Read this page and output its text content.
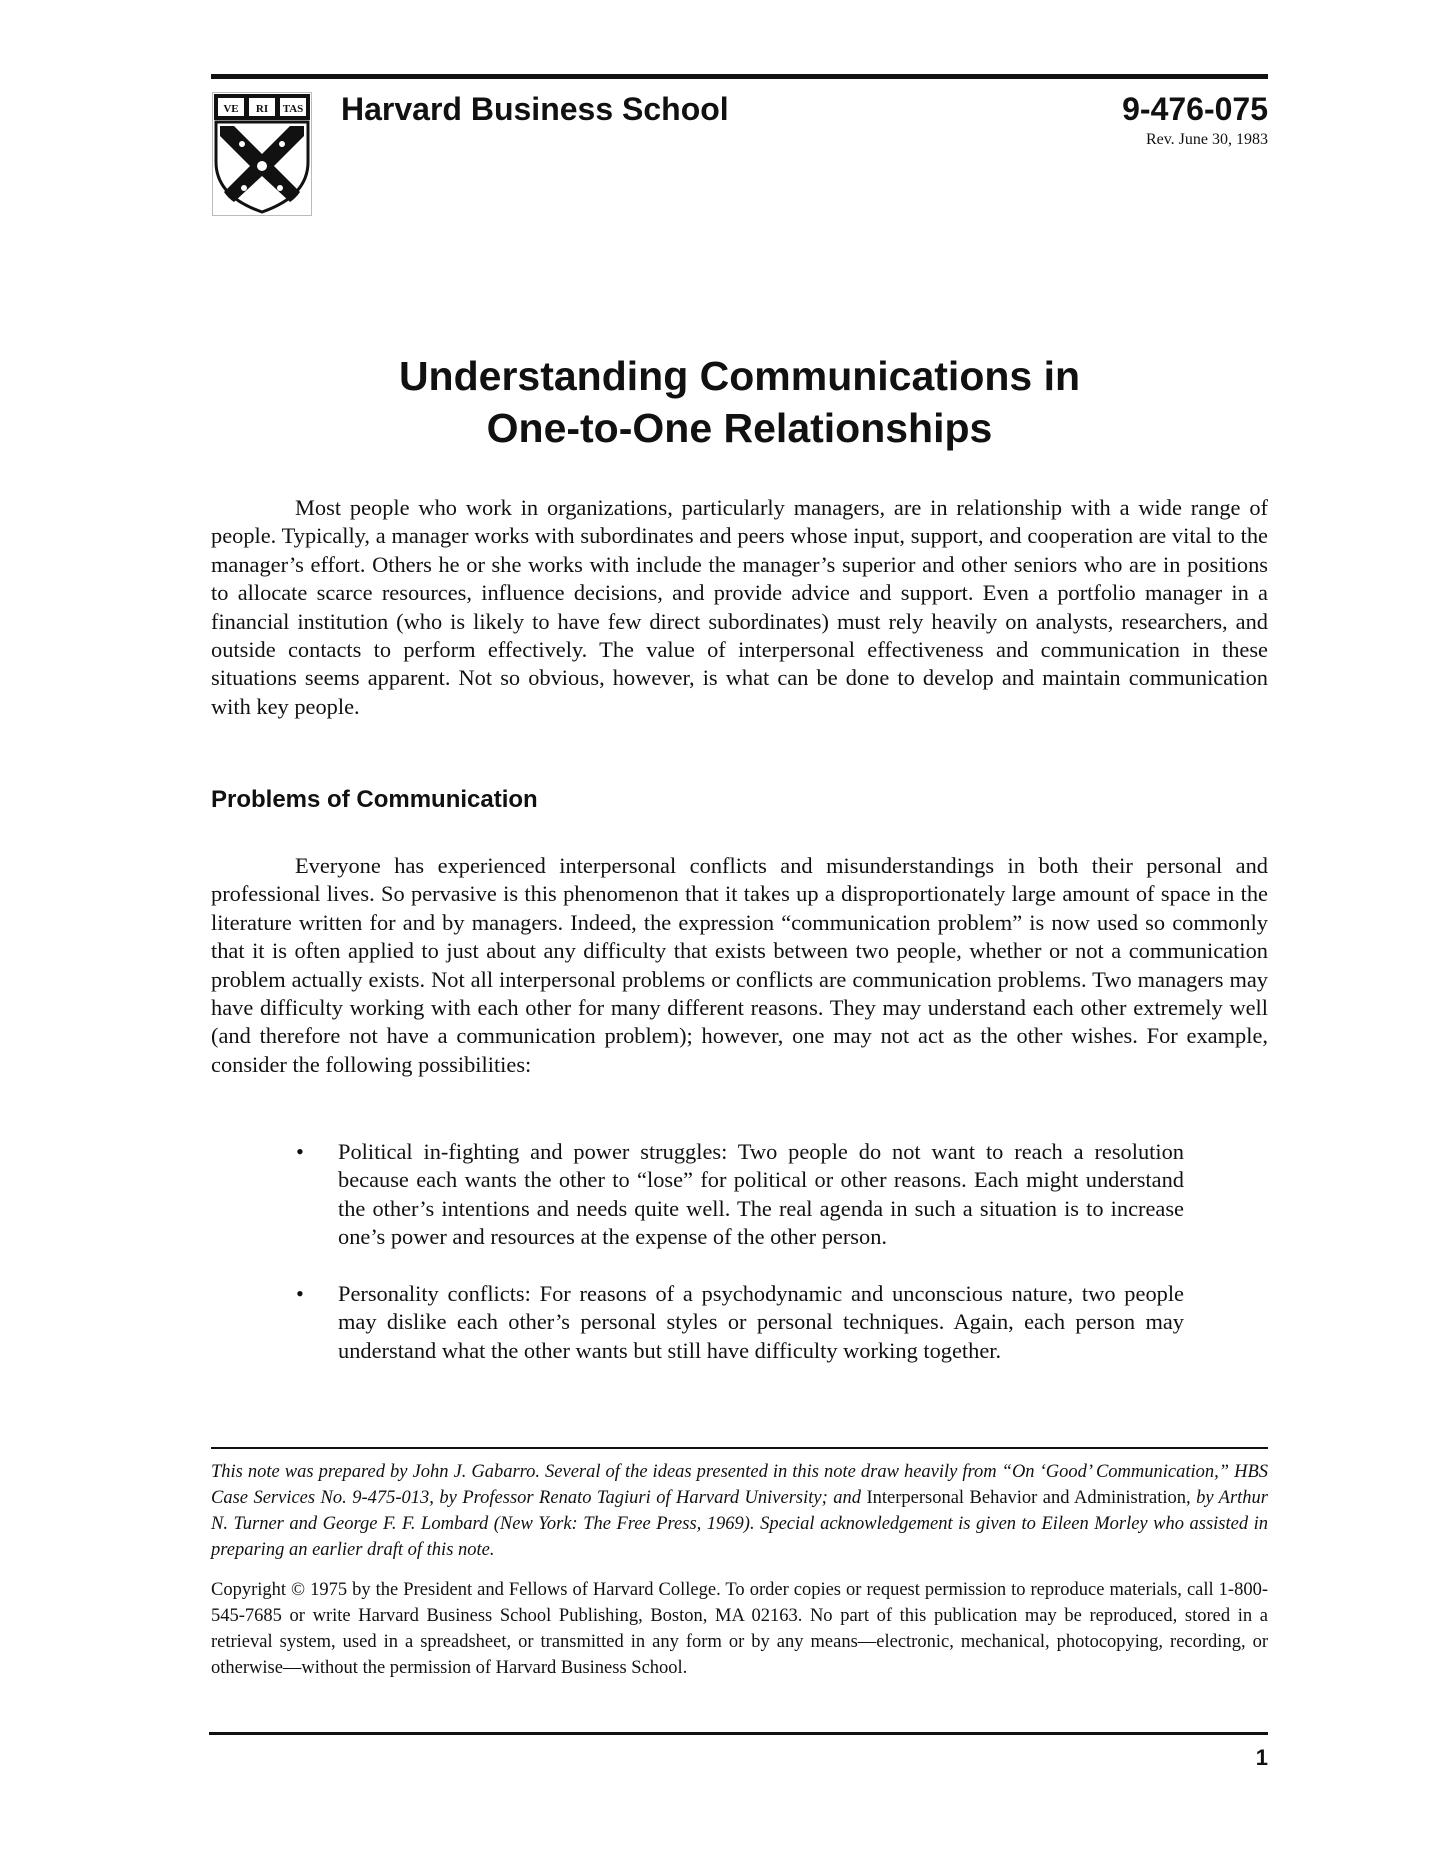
VE RI TAS Harvard Business School	9-476-075

Rev. June 30, 1983

Understanding Communications in
One-to-One Relationships

Most people who work in organizations, particularly managers, are in relationship with a wide range of people. Typically, a manager works with subordinates and peers whose input, support, and cooperation are vital to the manager’s effort. Others he or she works with include the manager’s superior and other seniors who are in positions to allocate scarce resources, influence decisions, and provide advice and support. Even a portfolio manager in a financial institution (who is likely to have few direct subordinates) must rely heavily on analysts, researchers, and outside contacts to perform effectively. The value of interpersonal effectiveness and communication in these situations seems apparent. Not so obvious, however, is what can be done to develop and maintain communication with key people.

Problems of Communication

Everyone has experienced interpersonal conflicts and misunderstandings in both their personal and professional lives. So pervasive is this phenomenon that it takes up a disproportionately large amount of space in the literature written for and by managers. Indeed, the expression “communication problem” is now used so commonly that it is often applied to just about any difficulty that exists between two people, whether or not a communication problem actually exists. Not all interpersonal problems or conflicts are communication problems. Two managers may have difficulty working with each other for many different reasons. They may understand each other extremely well (and therefore not have a communication problem); however, one may not act as the other wishes. For example, consider the following possibilities:

• Political in-fighting and power struggles: Two people do not want to reach a resolution because each wants the other to “lose” for political or other reasons. Each might understand the other’s intentions and needs quite well. The real agenda in such a situation is to increase one’s power and resources at the expense of the other person.
• Personality conflicts: For reasons of a psychodynamic and unconscious nature, two people may dislike each other’s personal styles or personal techniques. Again, each person may understand what the other wants but still have difficulty working together.

This note was prepared by John J. Gabarro. Several of the ideas presented in this note draw heavily from “On ‘Good’ Communication,” HBS Case Services No. 9-475-013, by Professor Renato Tagiuri of Harvard University; and Interpersonal Behavior and Administration, by Arthur N. Turner and George F. F. Lombard (New York: The Free Press, 1969). Special acknowledgement is given to Eileen Morley who assisted in preparing an earlier draft of this note.

Copyright © 1975 by the President and Fellows of Harvard College. To order copies or request permission to reproduce materials, call 1-800-545-7685 or write Harvard Business School Publishing, Boston, MA 02163. No part of this publication may be reproduced, stored in a retrieval system, used in a spreadsheet, or transmitted in any form or by any means—electronic, mechanical, photocopying, recording, or otherwise—without the permission of Harvard Business School.

1
